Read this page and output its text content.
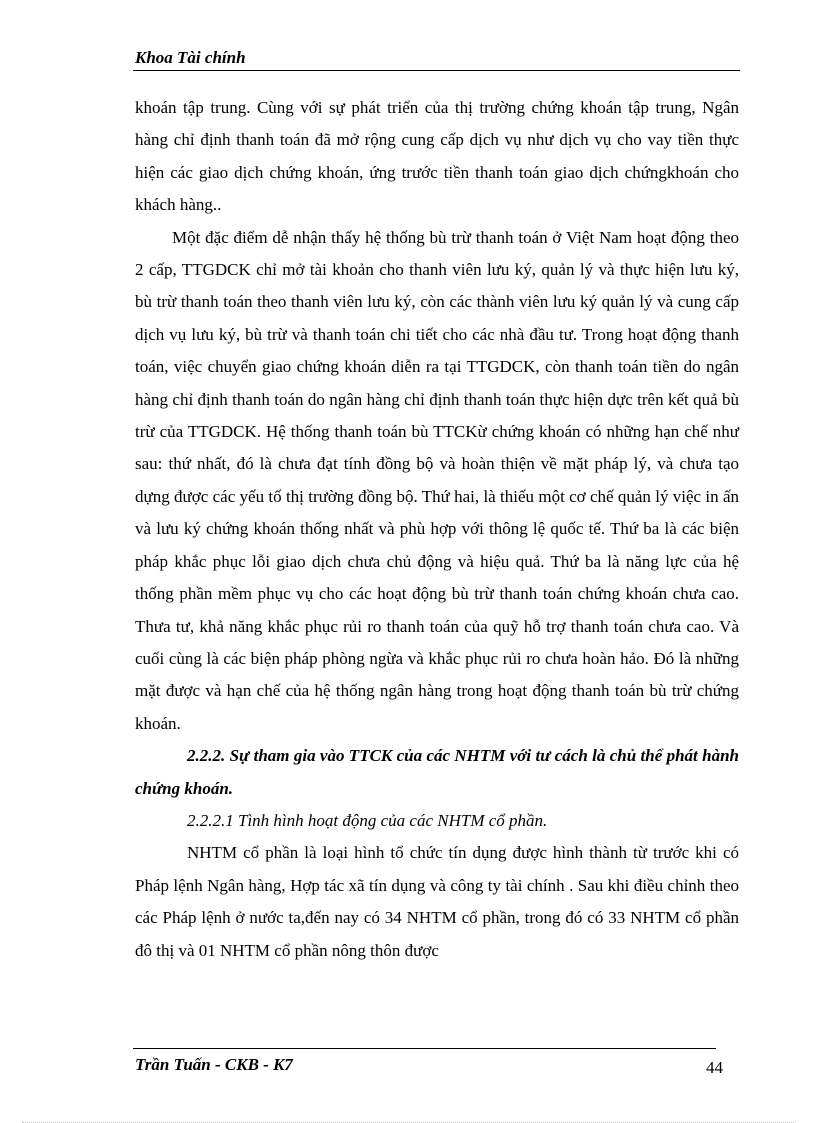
Khoa Tài chính

khoán tập trung. Cùng với sự phát triển của thị trường chứng khoán tập trung, Ngân hàng chỉ định thanh toán đã mở rộng cung cấp dịch vụ như dịch vụ cho vay tiền thực hiện các giao dịch chứng khoán, ứng trước tiền thanh toán giao dịch chứngkhoán cho khách hàng..

Một đặc điểm dễ nhận thấy hệ thống bù trừ thanh toán ở Việt Nam hoạt động theo 2 cấp, TTGDCK chỉ mở tài khoản cho thanh viên lưu ký, quản lý và thực hiện lưu ký, bù trừ thanh toán theo thanh viên lưu ký, còn các thành viên lưu ký quản lý và cung cấp dịch vụ lưu ký, bù trừ và thanh toán chi tiết cho các nhà đầu tư. Trong hoạt động thanh toán, việc chuyển giao chứng khoán diễn ra tại TTGDCK, còn thanh toán tiền do ngân hàng chỉ định thanh toán do ngân hàng chỉ định thanh toán thực hiện dực trên kết quả bù trừ của TTGDCK. Hệ thống thanh toán bù TTCKừ chứng khoán có những hạn chế như sau: thứ nhất, đó là chưa đạt tính đồng bộ và hoàn thiện về mặt pháp lý, và chưa tạo dựng được các yếu tố thị trường đồng bộ. Thứ hai, là thiếu một cơ chế quản lý việc in ấn và lưu ký chứng khoán thống nhất và phù hợp với thông lệ quốc tế. Thứ ba là các biện pháp khắc phục lỗi giao dịch chưa chủ động và hiệu quả. Thứ ba là năng lực của hệ thống phần mềm phục vụ cho các hoạt động bù trừ thanh toán chứng khoán chưa cao. Thưa tư, khả năng khắc phục rủi ro thanh toán của quỹ hỗ trợ thanh toán chưa cao. Và cuối cùng là các biện pháp phòng ngừa và khắc phục rủi ro chưa hoàn hảo. Đó là những mặt được và hạn chế của hệ thống ngân hàng trong hoạt động thanh toán bù trừ chứng khoán.

2.2.2. Sự tham gia vào TTCK của các NHTM với tư cách là chủ thể phát hành chứng khoán.

2.2.2.1 Tình hình hoạt động của các NHTM cổ phần.

NHTM cổ phần là loại hình tổ chức tín dụng được hình thành từ trước khi có Pháp lệnh Ngân hàng, Hợp tác xã tín dụng và công ty tài chính . Sau khi điều chỉnh theo các Pháp lệnh ở nước ta,đến nay có 34 NHTM cổ phần, trong đó có 33 NHTM cổ phần đô thị và 01 NHTM cổ phần nông thôn được

Trần Tuấn - CKB - K7	44
